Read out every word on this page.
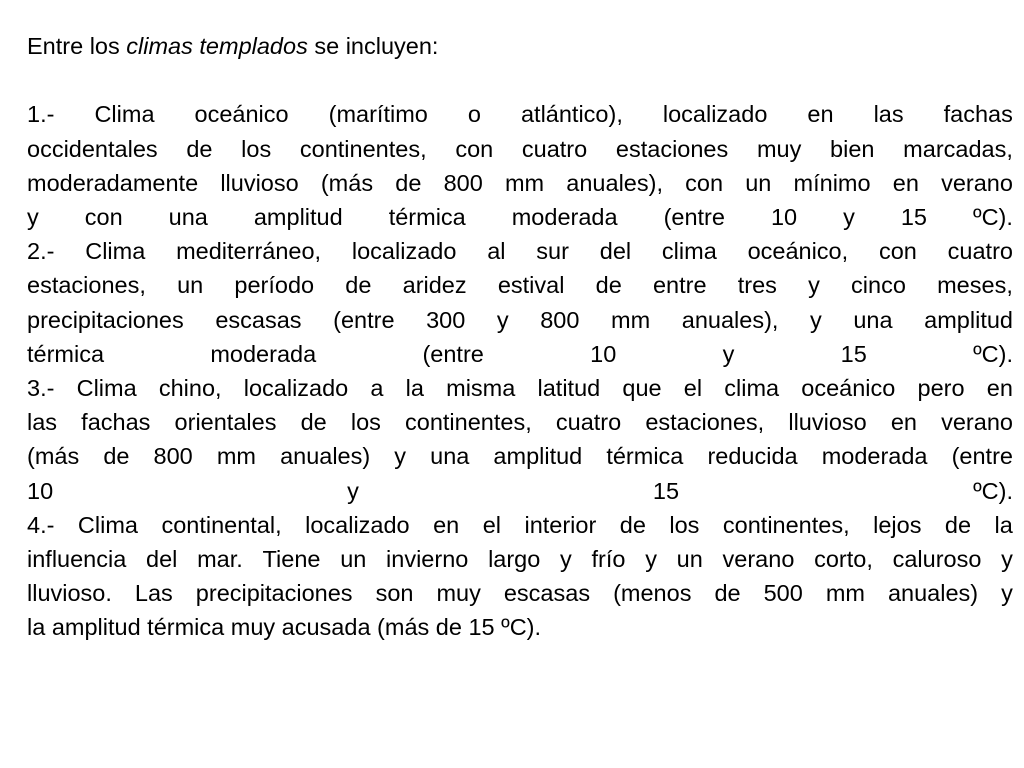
Entre los climas templados se incluyen:
1.- Clima oceánico (marítimo o atlántico), localizado en las fachas
occidentales de los continentes, con cuatro estaciones muy bien marcadas,
moderadamente lluvioso (más de 800 mm anuales), con un mínimo en verano
y con una amplitud térmica moderada (entre 10 y 15 ºC).
2.- Clima mediterráneo, localizado al sur del clima oceánico, con cuatro
estaciones, un período de aridez estival de entre tres y cinco meses,
precipitaciones escasas (entre 300 y 800 mm anuales), y una amplitud
térmica	moderada	(entre	10	y	15	ºC).
3.- Clima chino, localizado a la misma latitud que el clima oceánico pero en
las fachas orientales de los continentes, cuatro estaciones, lluvioso en verano
(más de 800 mm anuales) y una amplitud térmica reducida moderada (entre
10	y	15	ºC).
4.- Clima continental, localizado en el interior de los continentes, lejos de la
influencia del mar. Tiene un invierno largo y frío y un verano corto, caluroso y
lluvioso. Las precipitaciones son muy escasas (menos de 500 mm anuales) y
la amplitud térmica muy acusada (más de 15 ºC).
